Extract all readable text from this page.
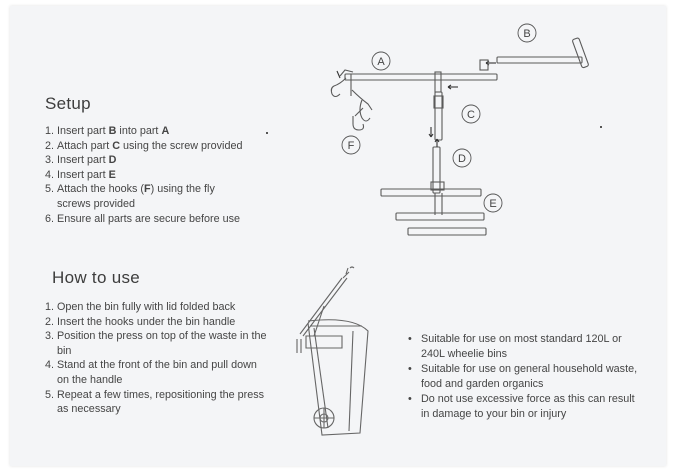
Setup
1. Insert part B into part A
2. Attach part C using the screw provided
3. Insert part D
4. Insert part E
5. Attach the hooks (F) using the fly screws provided
6. Ensure all parts are secure before use
How to use
1. Open the bin fully with lid folded back
2. Insert the hooks under the bin handle
3. Position the press on top of the waste in the bin
4. Stand at the front of the bin and pull down on the handle
5. Repeat a few times, repositioning the press as necessary
• Suitable for use on most standard 120L or 240L wheelie bins
• Suitable for use on general household waste, food and garden organics
• Do not use excessive force as this can result in damage to your bin or injury
A
B
C
D
E
F
